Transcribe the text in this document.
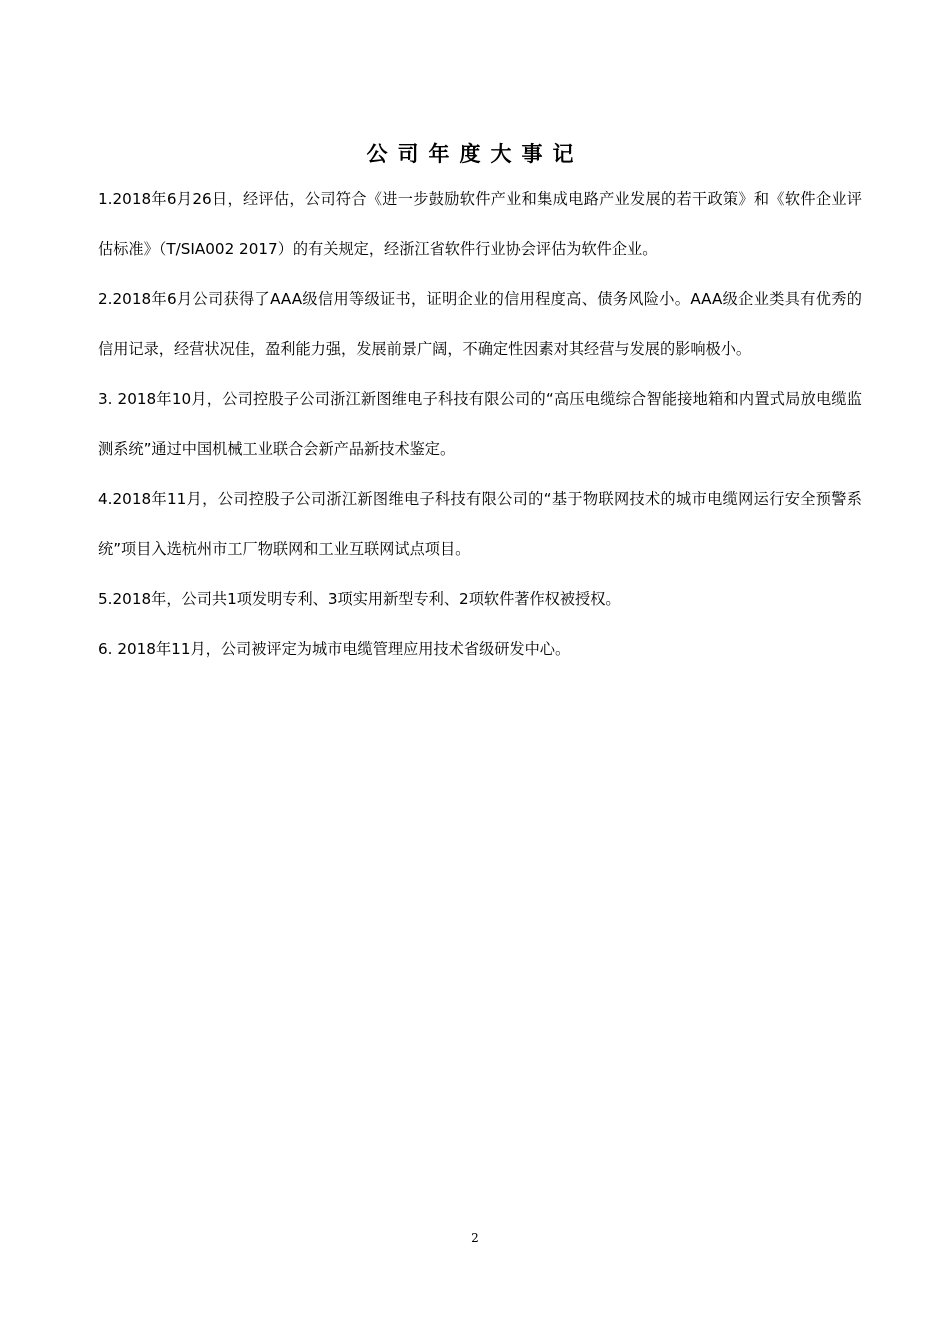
公司年度大事记

1.2018年6月26日，经评估，公司符合《进一步鼓励软件产业和集成电路产业发展的若干政策》和《软件企业评估标准》（T/SIA002 2017）的有关规定，经浙江省软件行业协会评估为软件企业。

2.2018年6月公司获得了AAA级信用等级证书，证明企业的信用程度高、债务风险小。AAA级企业类具有优秀的信用记录，经营状况佳，盈利能力强，发展前景广阔，不确定性因素对其经营与发展的影响极小。

3. 2018年10月，公司控股子公司浙江新图维电子科技有限公司的“高压电缆综合智能接地箱和内置式局放电缆监测系统”通过中国机械工业联合会新产品新技术鉴定。

4.2018年11月，公司控股子公司浙江新图维电子科技有限公司的“基于物联网技术的城市电缆网运行安全预警系统”项目入选杭州市工厂物联网和工业互联网试点项目。

5.2018年，公司共1项发明专利、3项实用新型专利、2项软件著作权被授权。

6. 2018年11月，公司被评定为城市电缆管理应用技术省级研发中心。

2
